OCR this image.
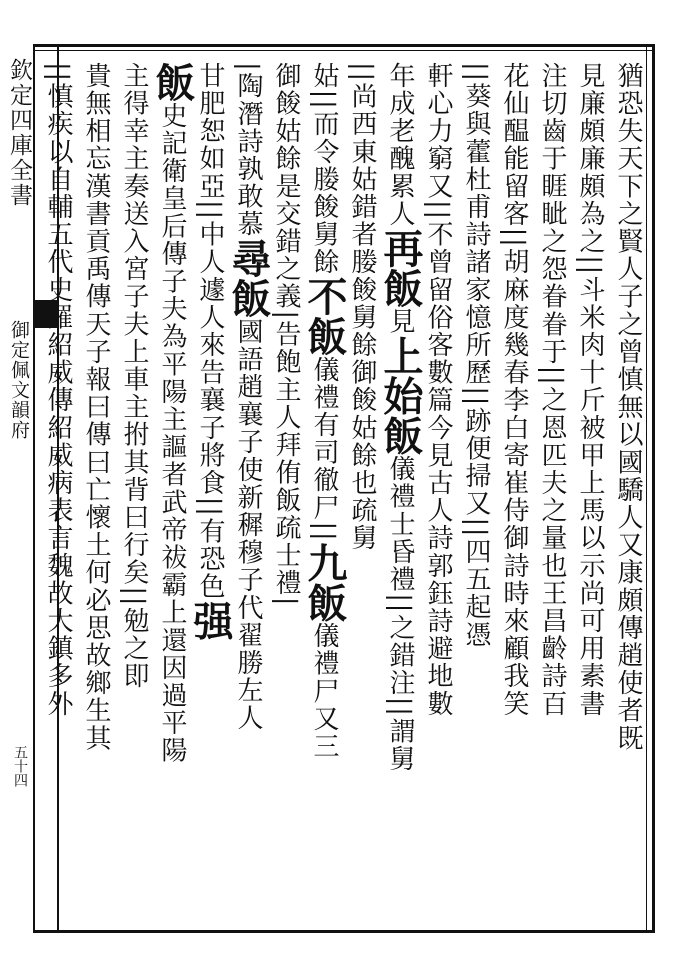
欽定四庫全書
御定佩文韻府
五十四
猶恐失天下之賢人子之曾慎無以國驕人又康頗傳趙使者既
見廉頗廉頗為之||斗米肉十斤被甲上馬以示尚可用素書
注切齒于睚眦之怨眷眷于||之恩匹夫之量也王昌齡詩百
花仙醖能留客||胡麻度幾春李白寄崔侍御詩時來顧我笑
||葵與藿杜甫詩諸家憶所歷||跡便掃又||四五起憑
軒心力窮又||不曾留俗客數篇今見古人詩郭鈺詩避地數
年成老醜累人再飯見上始飯儀禮士昏禮||之錯注||謂舅
||尚西東姑錯者媵餕舅餘御餕姑餘也疏舅
姑||而令媵餕舅餘不飯儀禮有司徹尸||九飯儀禮尸又三
御餕姑餘是交錯之義|告飽主人拜侑飯疏士禮|
|陶潛詩孰敢慕尋飯國語趙襄子使新穉穆子代翟勝左人
甘肥恕如亞||中人遽人來告襄子將食||有恐色强
飯史記衛皇后傳子夫為平陽主謳者武帝祓霸上還因過平陽
主得幸主奏送入宮子夫上車主拊其背曰行矣||勉之即
貴無相忘漢書貢禹傳天子報曰傳曰亡懷土何必思故鄉生其
||慎疾以自輔五代史羅紹威傳紹威病表言魏故大鎮多外
